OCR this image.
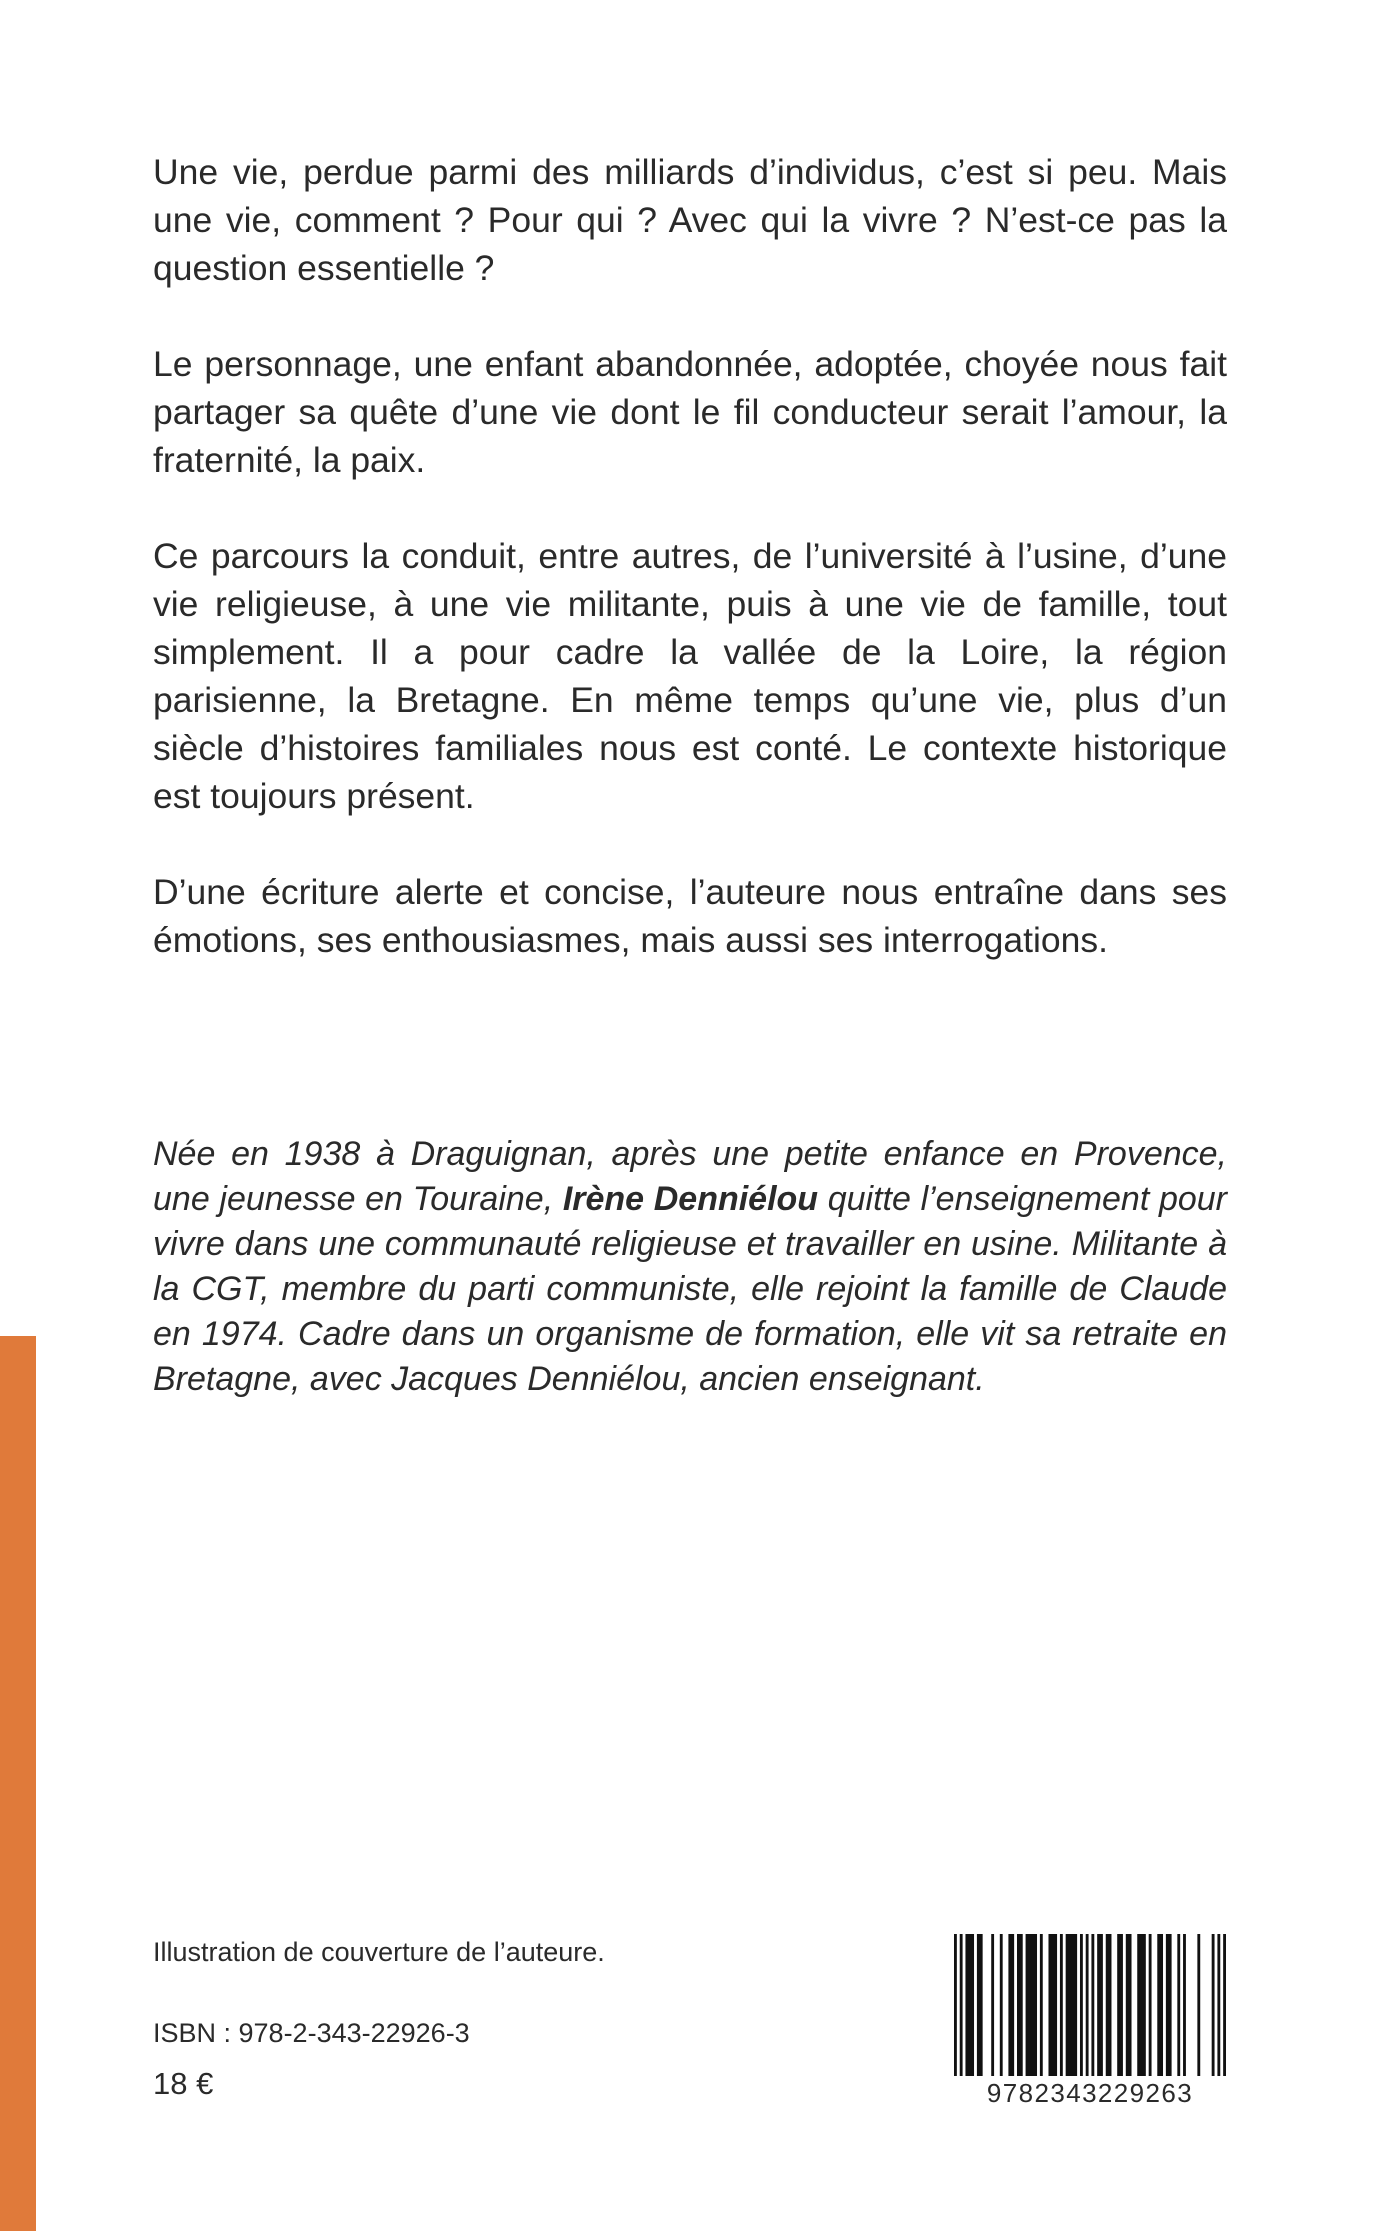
Une vie, perdue parmi des milliards d’individus, c’est si peu. Mais une vie, comment ? Pour qui ? Avec qui la vivre ? N’est-ce pas la question essentielle ?

Le personnage, une enfant abandonnée, adoptée, choyée nous fait partager sa quête d’une vie dont le fil conducteur serait l’amour, la fraternité, la paix.

Ce parcours la conduit, entre autres, de l’université à l’usine, d’une vie religieuse, à une vie militante, puis à une vie de famille, tout simplement. Il a pour cadre la vallée de la Loire, la région parisienne, la Bretagne. En même temps qu’une vie, plus d’un siècle d’histoires familiales nous est conté. Le contexte historique est toujours présent.

D’une écriture alerte et concise, l’auteure nous entraîne dans ses émotions, ses enthousiasmes, mais aussi ses interrogations.

Née en 1938 à Draguignan, après une petite enfance en Provence, une jeunesse en Touraine, Irène Denniélou quitte l’enseignement pour vivre dans une communauté religieuse et travailler en usine. Militante à la CGT, membre du parti communiste, elle rejoint la famille de Claude en 1974. Cadre dans un organisme de formation, elle vit sa retraite en Bretagne, avec Jacques Denniélou, ancien enseignant.

Illustration de couverture de l’auteure.
ISBN : 978-2-343-22926-3
18 €	9782343229263
